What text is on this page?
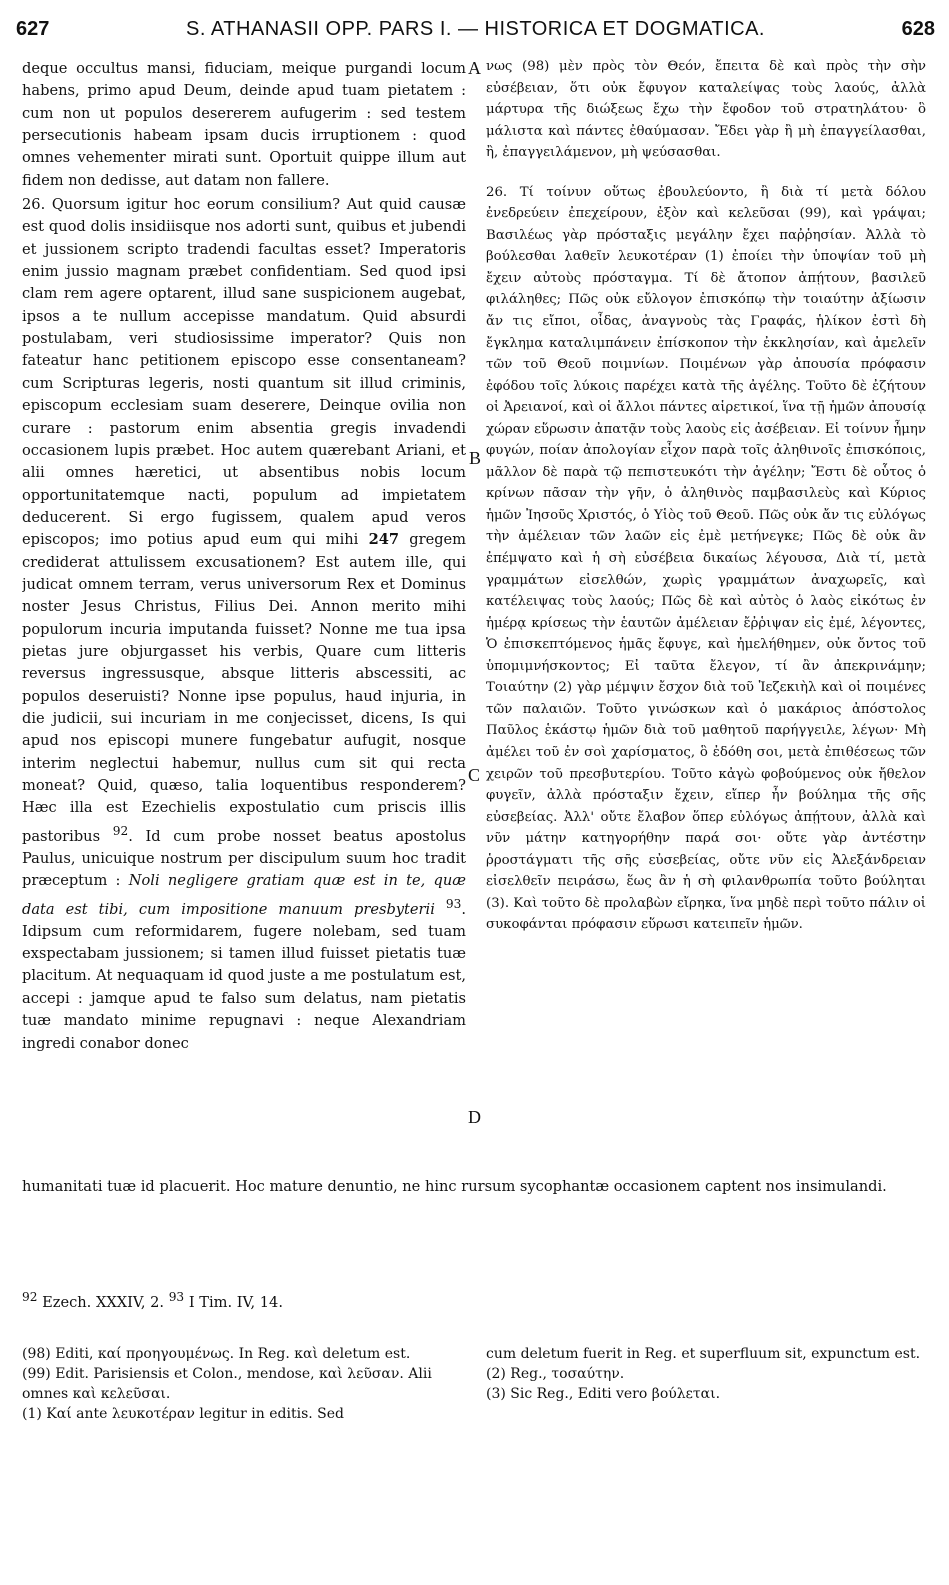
627	S. ATHANASII OPP. PARS I. — HISTORICA ET DOGMATICA.	628

deque occultus mansi, fiduciam, meique purgandi locum habens, primo apud Deum, deinde apud tuam pietatem : cum non ut populos desererem aufugerim : sed testem persecutionis habeam ipsam ducis irruptionem : quod omnes vehementer mirati sunt. Oportuit quippe illum aut fidem non dedisse, aut datam non fallere.

26. Quorsum igitur hoc eorum consilium? Aut quid causæ est quod dolis insidiisque nos adorti sunt, quibus et jubendi et jussionem scripto tradendi facultas esset? Imperatoris enim jussio magnam præbet confidentiam. Sed quod ipsi clam rem agere optarent, illud sane suspicionem augebat, ipsos a te nullum accepisse mandatum. Quid absurdi postulabam, veri studiosissime imperator? Quis non fateatur hanc petitionem episcopo esse consentaneam? cum Scripturas legeris, nosti quantum sit illud criminis, episcopum ecclesiam suam deserere, Deinque ovilia non curare : pastorum enim absentia gregis invadendi occasionem lupis præbet. Hoc autem quærebant Ariani, et alii omnes hæretici, ut absentibus nobis locum opportunitatemque nacti, populum ad impietatem deducerent. Si ergo fugissem, qualem apud veros episcopos; imo potius apud eum qui mihi 247 gregem crediderat attulissem excusationem? Est autem ille, qui judicat omnem terram, verus universorum Rex et Dominus noster Jesus Christus, Filius Dei. Annon merito mihi populorum incuria imputanda fuisset? Nonne me tua ipsa pietas jure objurgasset his verbis, Quare cum litteris reversus ingressusque, absque litteris abscessiti, ac populos deseruisti? Nonne ipse populus, haud injuria, in die judicii, sui incuriam in me conjecisset, dicens, Is qui apud nos episcopi munere fungebatur aufugit, nosque interim neglectui habemur, nullus cum sit qui recta moneat? Quid, quæso, talia loquentibus responderem? Hæc illa est Ezechielis expostulatio cum priscis illis pastoribus $^{92}$. Id cum probe nosset beatus apostolus Paulus, unicuique nostrum per discipulum suum hoc tradit præceptum : Noli negligere gratiam quæ est in te, quæ data est tibi, cum impositione manuum presbyterii $^{93}$. Idipsum cum reformidarem, fugere nolebam, sed tuam exspectabam jussionem; si tamen illud fuisset pietatis tuæ placitum. At nequaquam id quod juste a me postulatum est, accepi : jamque apud te falso sum delatus, nam pietatis tuæ mandato minime repugnavi : neque Alexandriam ingredi conabor donec

A
B
C
D

νως (98) μὲν πρὸς τὸν Θεόν, ἔπειτα δὲ καὶ πρὸς τὴν σὴν εὐσέβειαν, ὅτι οὐκ ἔφυγον καταλείψας τοὺς λαούς, ἀλλὰ μάρτυρα τῆς διώξεως ἔχω τὴν ἔφοδον τοῦ στρατηλάτου· ὃ μάλιστα καὶ πάντες ἐθαύμασαν. Ἔδει γὰρ ἢ μὴ ἐπαγγείλασθαι, ἢ, ἐπαγγειλάμενον, μὴ ψεύσασθαι.

26. Τί τοίνυν οὕτως ἐβουλεύοντο, ἢ διὰ τί μετὰ δόλου ἐνεδρεύειν ἐπεχείρουν, ἐξὸν καὶ κελεῦσαι (99), καὶ γράψαι; Βασιλέως γὰρ πρόσταξις μεγάλην ἔχει παῤῥησίαν. Ἀλλὰ τὸ βούλεσθαι λαθεῖν λευκοτέραν (1) ἐποίει τὴν ὑποψίαν τοῦ μὴ ἔχειν αὐτοὺς πρόσταγμα. Τί δὲ ἄτοπον ἀπῄτουν, βασιλεῦ φιλάληθες; Πῶς οὐκ εὔλογον ἐπισκόπῳ τὴν τοιαύτην ἀξίωσιν ἄν τις εἴποι, οἶδας, ἀναγνοὺς τὰς Γραφάς, ἡλίκον ἐστὶ δὴ ἔγκλημα καταλιμπάνειν ἐπίσκοπον τὴν ἐκκλησίαν, καὶ ἀμελεῖν τῶν τοῦ Θεοῦ ποιμνίων. Ποιμένων γὰρ ἀπουσία πρόφασιν ἐφόδου τοῖς λύκοις παρέχει κατὰ τῆς ἀγέλης. Τοῦτο δὲ ἐζήτουν οἱ Ἀρειανοί, καὶ οἱ ἄλλοι πάντες αἱρετικοί, ἵνα τῇ ἡμῶν ἀπουσίᾳ χώραν εὕρωσιν ἀπατᾷν τοὺς λαοὺς εἰς ἀσέβειαν. Εἰ τοίνυν ἦμην φυγών, ποίαν ἀπολογίαν εἶχον παρὰ τοῖς ἀληθινοῖς ἐπισκόποις, μᾶλλον δὲ παρὰ τῷ πεπιστευκότι τὴν ἀγέλην; Ἔστι δὲ οὗτος ὁ κρίνων πᾶσαν τὴν γῆν, ὁ ἀληθινὸς παμβασιλεὺς καὶ Κύριος ἡμῶν Ἰησοῦς Χριστός, ὁ Υἱὸς τοῦ Θεοῦ. Πῶς οὐκ ἄν τις εὐλόγως τὴν ἀμέλειαν τῶν λαῶν εἰς ἐμὲ μετήνεγκε; Πῶς δὲ οὐκ ἂν ἐπέμψατο καὶ ἡ σὴ εὐσέβεια δικαίως λέγουσα, Διὰ τί, μετὰ γραμμάτων εἰσελθών, χωρὶς γραμμάτων ἀναχωρεῖς, καὶ κατέλειψας τοὺς λαούς; Πῶς δὲ καὶ αὐτὸς ὁ λαὸς εἰκότως ἐν ἡμέρᾳ κρίσεως τὴν ἑαυτῶν ἀμέλειαν ἔῤῥιψαν εἰς ἐμέ, λέγοντες, Ὁ ἐπισκεπτόμενος ἡμᾶς ἔφυγε, καὶ ἠμελήθημεν, οὐκ ὄντος τοῦ ὑπομιμνήσκοντος; Εἰ ταῦτα ἔλεγον, τί ἂν ἀπεκρινάμην; Τοιαύτην (2) γὰρ μέμψιν ἔσχον διὰ τοῦ Ἰεζεκιὴλ καὶ οἱ ποιμένες τῶν παλαιῶν. Τοῦτο γινώσκων καὶ ὁ μακάριος ἀπόστολος Παῦλος ἑκάστῳ ἡμῶν διὰ τοῦ μαθητοῦ παρήγγειλε, λέγων· Μὴ ἀμέλει τοῦ ἐν σοὶ χαρίσματος, ὃ ἐδόθη σοι, μετὰ ἐπιθέσεως τῶν χειρῶν τοῦ πρεσβυτερίου. Τοῦτο κἀγὼ φοβούμενος οὐκ ἤθελον φυγεῖν, ἀλλὰ πρόσταξιν ἔχειν, εἴπερ ἦν βούλημα τῆς σῆς εὐσεβείας. Ἀλλ' οὔτε ἔλαβον ὅπερ εὐλόγως ἀπῄτουν, ἀλλὰ καὶ νῦν μάτην κατηγορήθην παρά σοι· οὔτε γὰρ ἀντέστην ῥροστάγματι τῆς σῆς εὐσεβείας, οὔτε νῦν εἰς Ἀλεξάνδρειαν εἰσελθεῖν πειράσω, ἕως ἂν ἡ σὴ φιλανθρωπία τοῦτο βούληται (3). Καὶ τοῦτο δὲ προλαβὼν εἴρηκα, ἵνα μηδὲ περὶ τοῦτο πάλιν οἱ συκοφάνται πρόφασιν εὕρωσι κατειπεῖν ἡμῶν.

humanitati tuæ id placuerit. Hoc mature denuntio, ne hinc rursum sycophantæ occasionem captent nos insimulandi.
$^{92}$ Ezech. XXXIV, 2. $^{93}$ I Tim. IV, 14.

(98) Editi, καί προηγουμένως. In Reg. καὶ deletum est.

(99) Edit. Parisiensis et Colon., mendose, καὶ λεῦσαν. Alii omnes καὶ κελεῦσαι.

(1) Καί ante λευκοτέραν legitur in editis. Sed

cum deletum fuerit in Reg. et superfluum sit, expunctum est.

(2) Reg., τοσαύτην.

(3) Sic Reg., Editi vero βούλεται.
